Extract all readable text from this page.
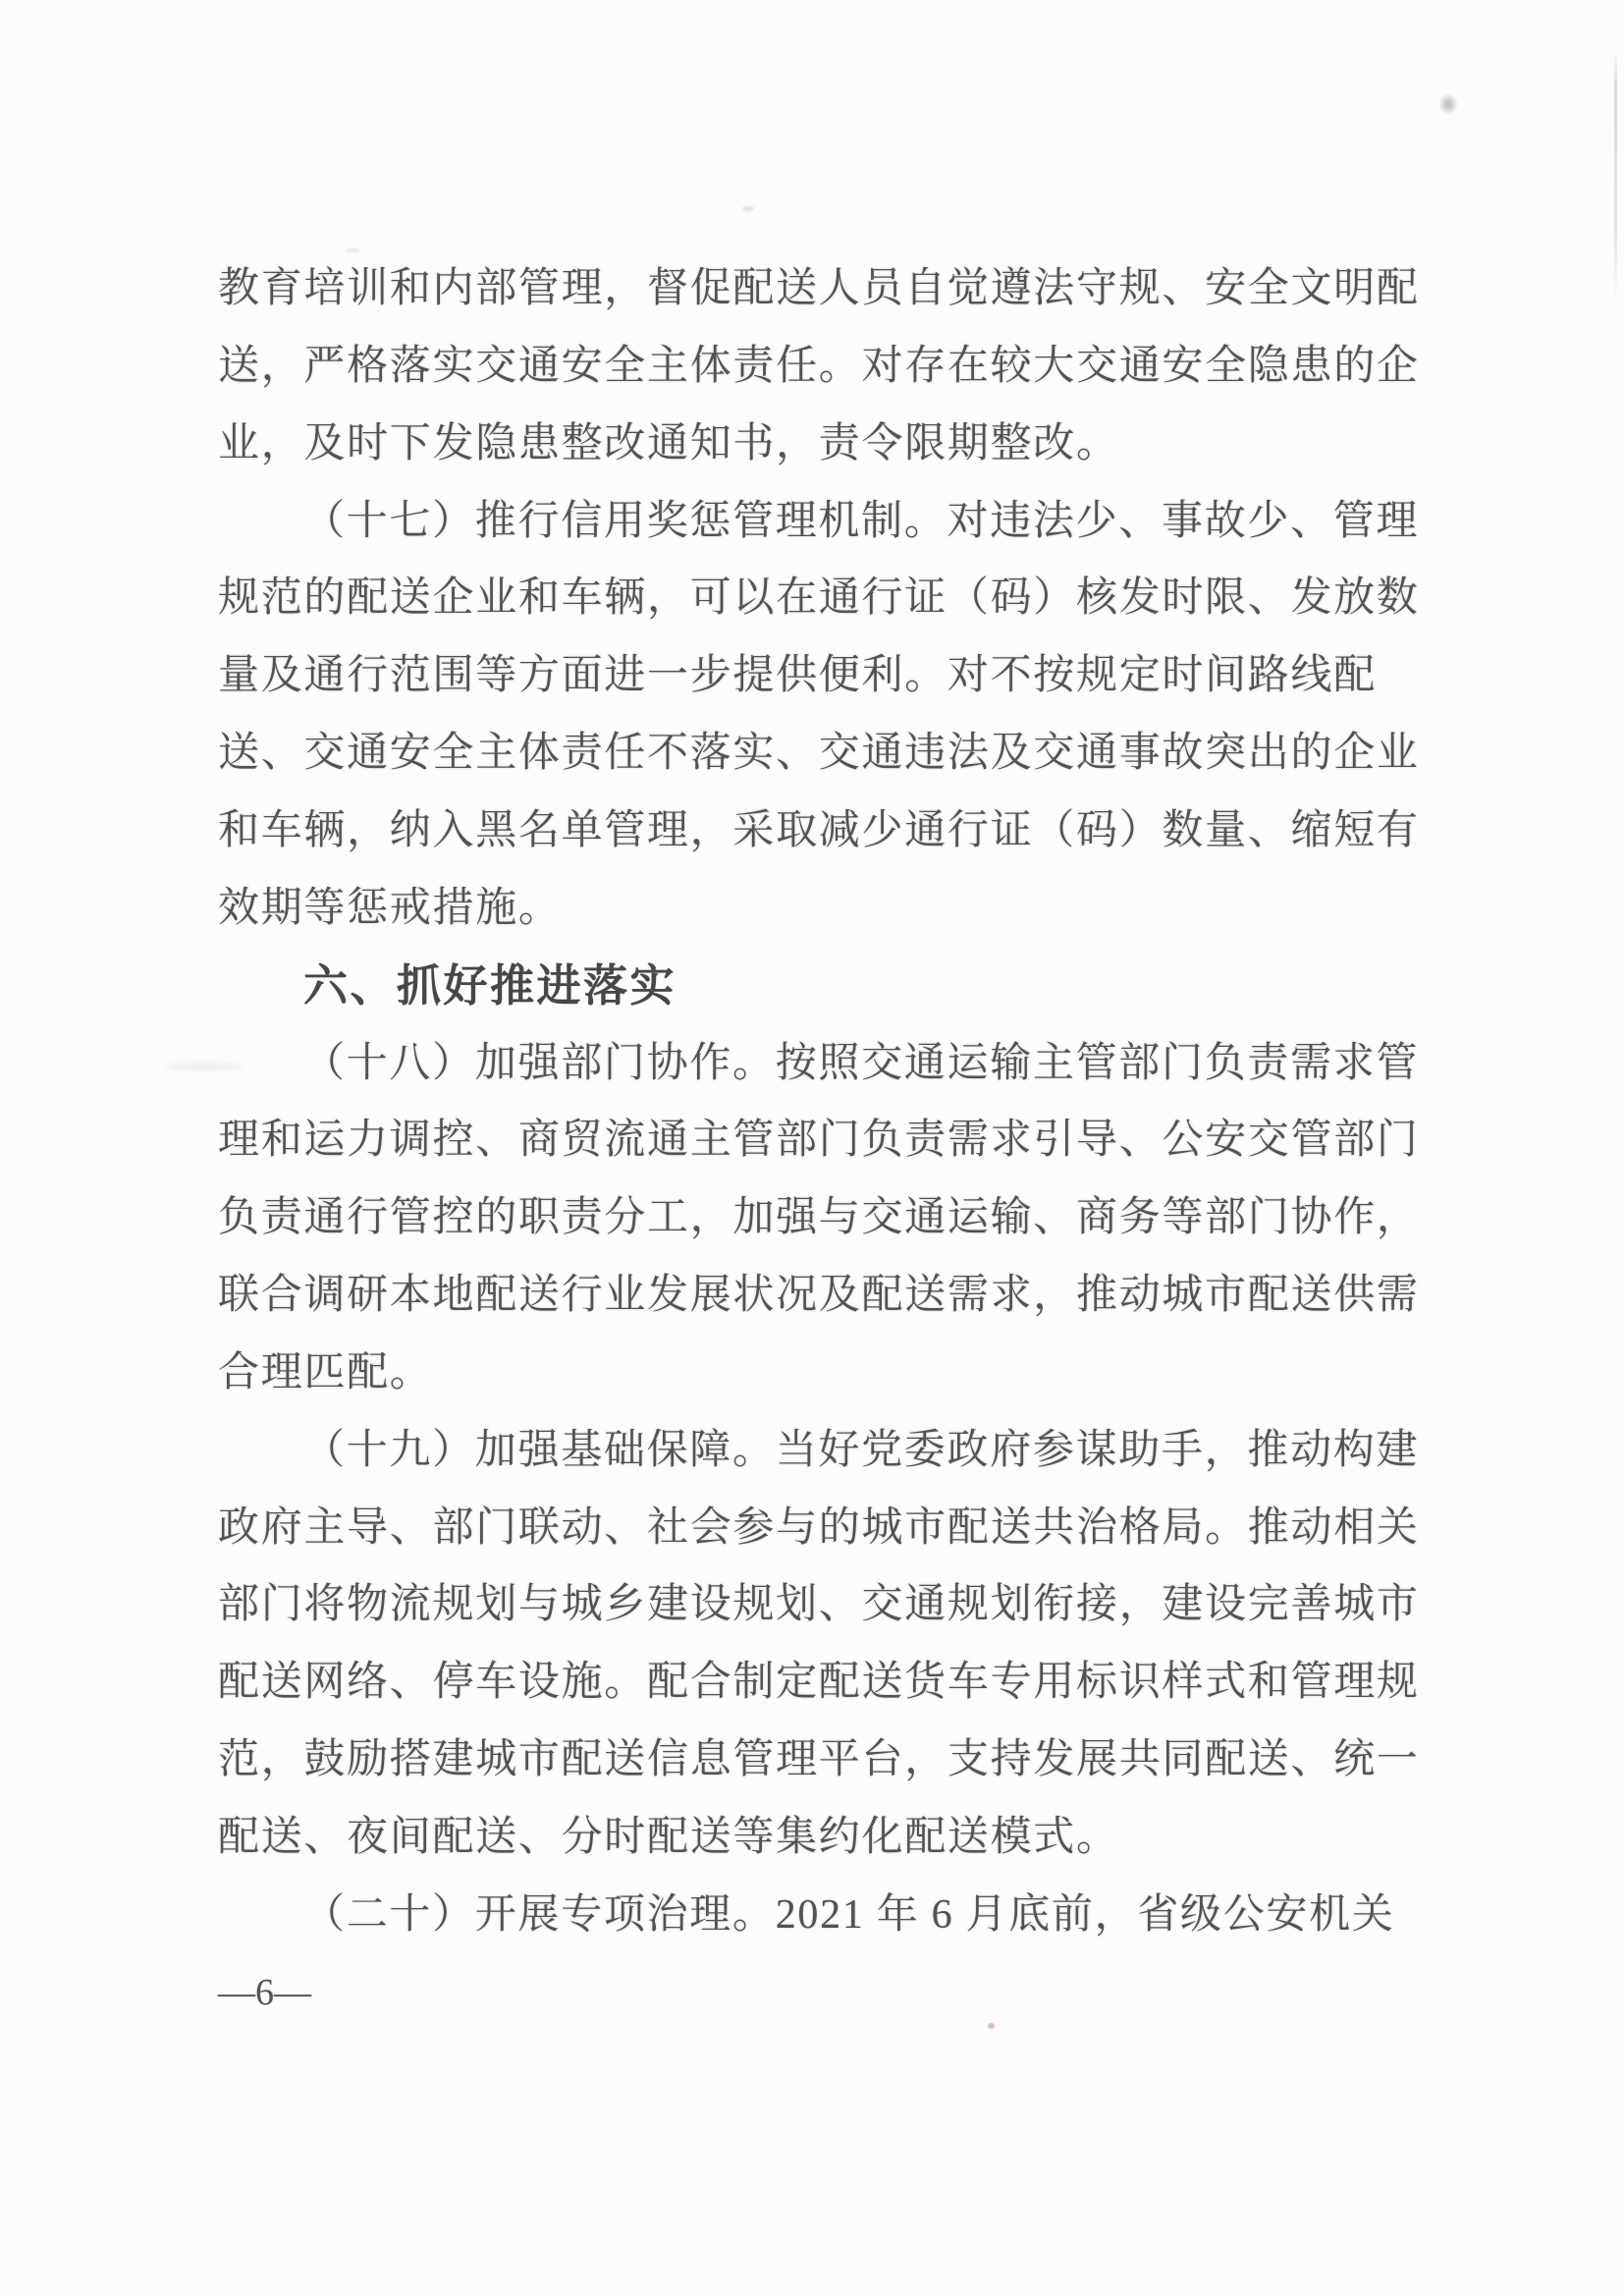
教育培训和内部管理，督促配送人员自觉遵法守规、安全文明配
送，严格落实交通安全主体责任。对存在较大交通安全隐患的企
业，及时下发隐患整改通知书，责令限期整改。
（十七）推行信用奖惩管理机制。对违法少、事故少、管理
规范的配送企业和车辆，可以在通行证（码）核发时限、发放数
量及通行范围等方面进一步提供便利。对不按规定时间路线配
送、交通安全主体责任不落实、交通违法及交通事故突出的企业
和车辆，纳入黑名单管理，采取减少通行证（码）数量、缩短有
效期等惩戒措施。
六、抓好推进落实
（十八）加强部门协作。按照交通运输主管部门负责需求管
理和运力调控、商贸流通主管部门负责需求引导、公安交管部门
负责通行管控的职责分工，加强与交通运输、商务等部门协作，
联合调研本地配送行业发展状况及配送需求，推动城市配送供需
合理匹配。
（十九）加强基础保障。当好党委政府参谋助手，推动构建
政府主导、部门联动、社会参与的城市配送共治格局。推动相关
部门将物流规划与城乡建设规划、交通规划衔接，建设完善城市
配送网络、停车设施。配合制定配送货车专用标识样式和管理规
范，鼓励搭建城市配送信息管理平台，支持发展共同配送、统一
配送、夜间配送、分时配送等集约化配送模式。
（二十）开展专项治理。2021 年 6 月底前，省级公安机关
—6—
